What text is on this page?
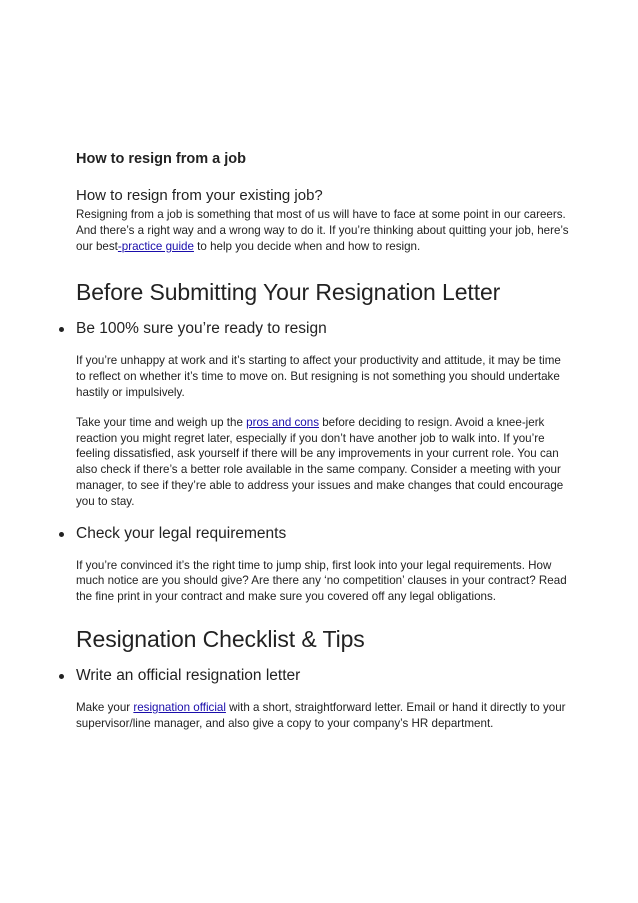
How to resign from a job
How to resign from your existing job?

Resigning from a job is something that most of us will have to face at some point in our careers. And there’s a right way and a wrong way to do it. If you’re thinking about quitting your job, here’s our best-practice guide to help you decide when and how to resign.

Before Submitting Your Resignation Letter
Be 100% sure you’re ready to resign

If you’re unhappy at work and it’s starting to affect your productivity and attitude, it may be time to reflect on whether it’s time to move on. But resigning is not something you should undertake hastily or impulsively.

Take your time and weigh up the pros and cons before deciding to resign. Avoid a knee-jerk reaction you might regret later, especially if you don’t have another job to walk into. If you’re feeling dissatisfied, ask yourself if there will be any improvements in your current role. You can also check if there’s a better role available in the same company. Consider a meeting with your manager, to see if they’re able to address your issues and make changes that could encourage you to stay.

Check your legal requirements

If you’re convinced it’s the right time to jump ship, first look into your legal requirements. How much notice are you should give? Are there any ‘no competition’ clauses in your contract? Read the fine print in your contract and make sure you covered off any legal obligations.

Resignation Checklist & Tips
Write an official resignation letter

Make your resignation official with a short, straightforward letter. Email or hand it directly to your supervisor/line manager, and also give a copy to your company’s HR department.
